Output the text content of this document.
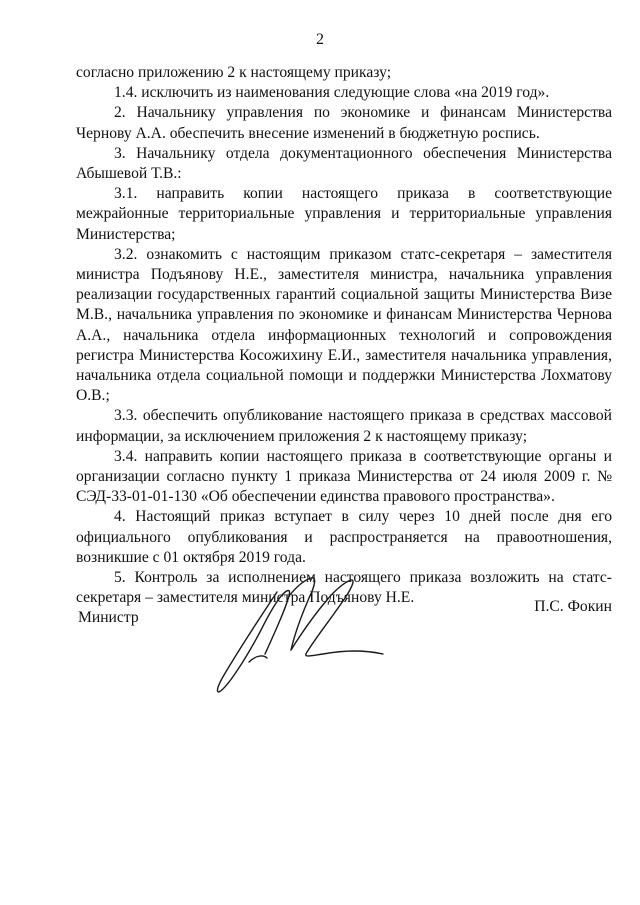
2

согласно приложению 2 к настоящему приказу;

1.4. исключить из наименования следующие слова «на 2019 год».

2. Начальнику управления по экономике и финансам Министерства Чернову А.А. обеспечить внесение изменений в бюджетную роспись.

3. Начальнику отдела документационного обеспечения Министерства Абышевой Т.В.:

3.1. направить копии настоящего приказа в соответствующие межрайонные территориальные управления и территориальные управления Министерства;

3.2. ознакомить с настоящим приказом статс-секретаря – заместителя министра Подъянову Н.Е., заместителя министра, начальника управления реализации государственных гарантий социальной защиты Министерства Визе М.В., начальника управления по экономике и финансам Министерства Чернова А.А., начальника отдела информационных технологий и сопровождения регистра Министерства Косожихину Е.И., заместителя начальника управления, начальника отдела социальной помощи и поддержки Министерства Лохматову О.В.;

3.3. обеспечить опубликование настоящего приказа в средствах массовой информации, за исключением приложения 2 к настоящему приказу;

3.4. направить копии настоящего приказа в соответствующие органы и организации согласно пункту 1 приказа Министерства от 24 июля 2009 г. № СЭД-33-01-01-130 «Об обеспечении единства правового пространства».

4. Настоящий приказ вступает в силу через 10 дней после дня его официального опубликования и распространяется на правоотношения, возникшие с 01 октября 2019 года.

5. Контроль за исполнением настоящего приказа возложить на статс-секретаря – заместителя министра Подъянову Н.Е.

Министр
П.С. Фокин
